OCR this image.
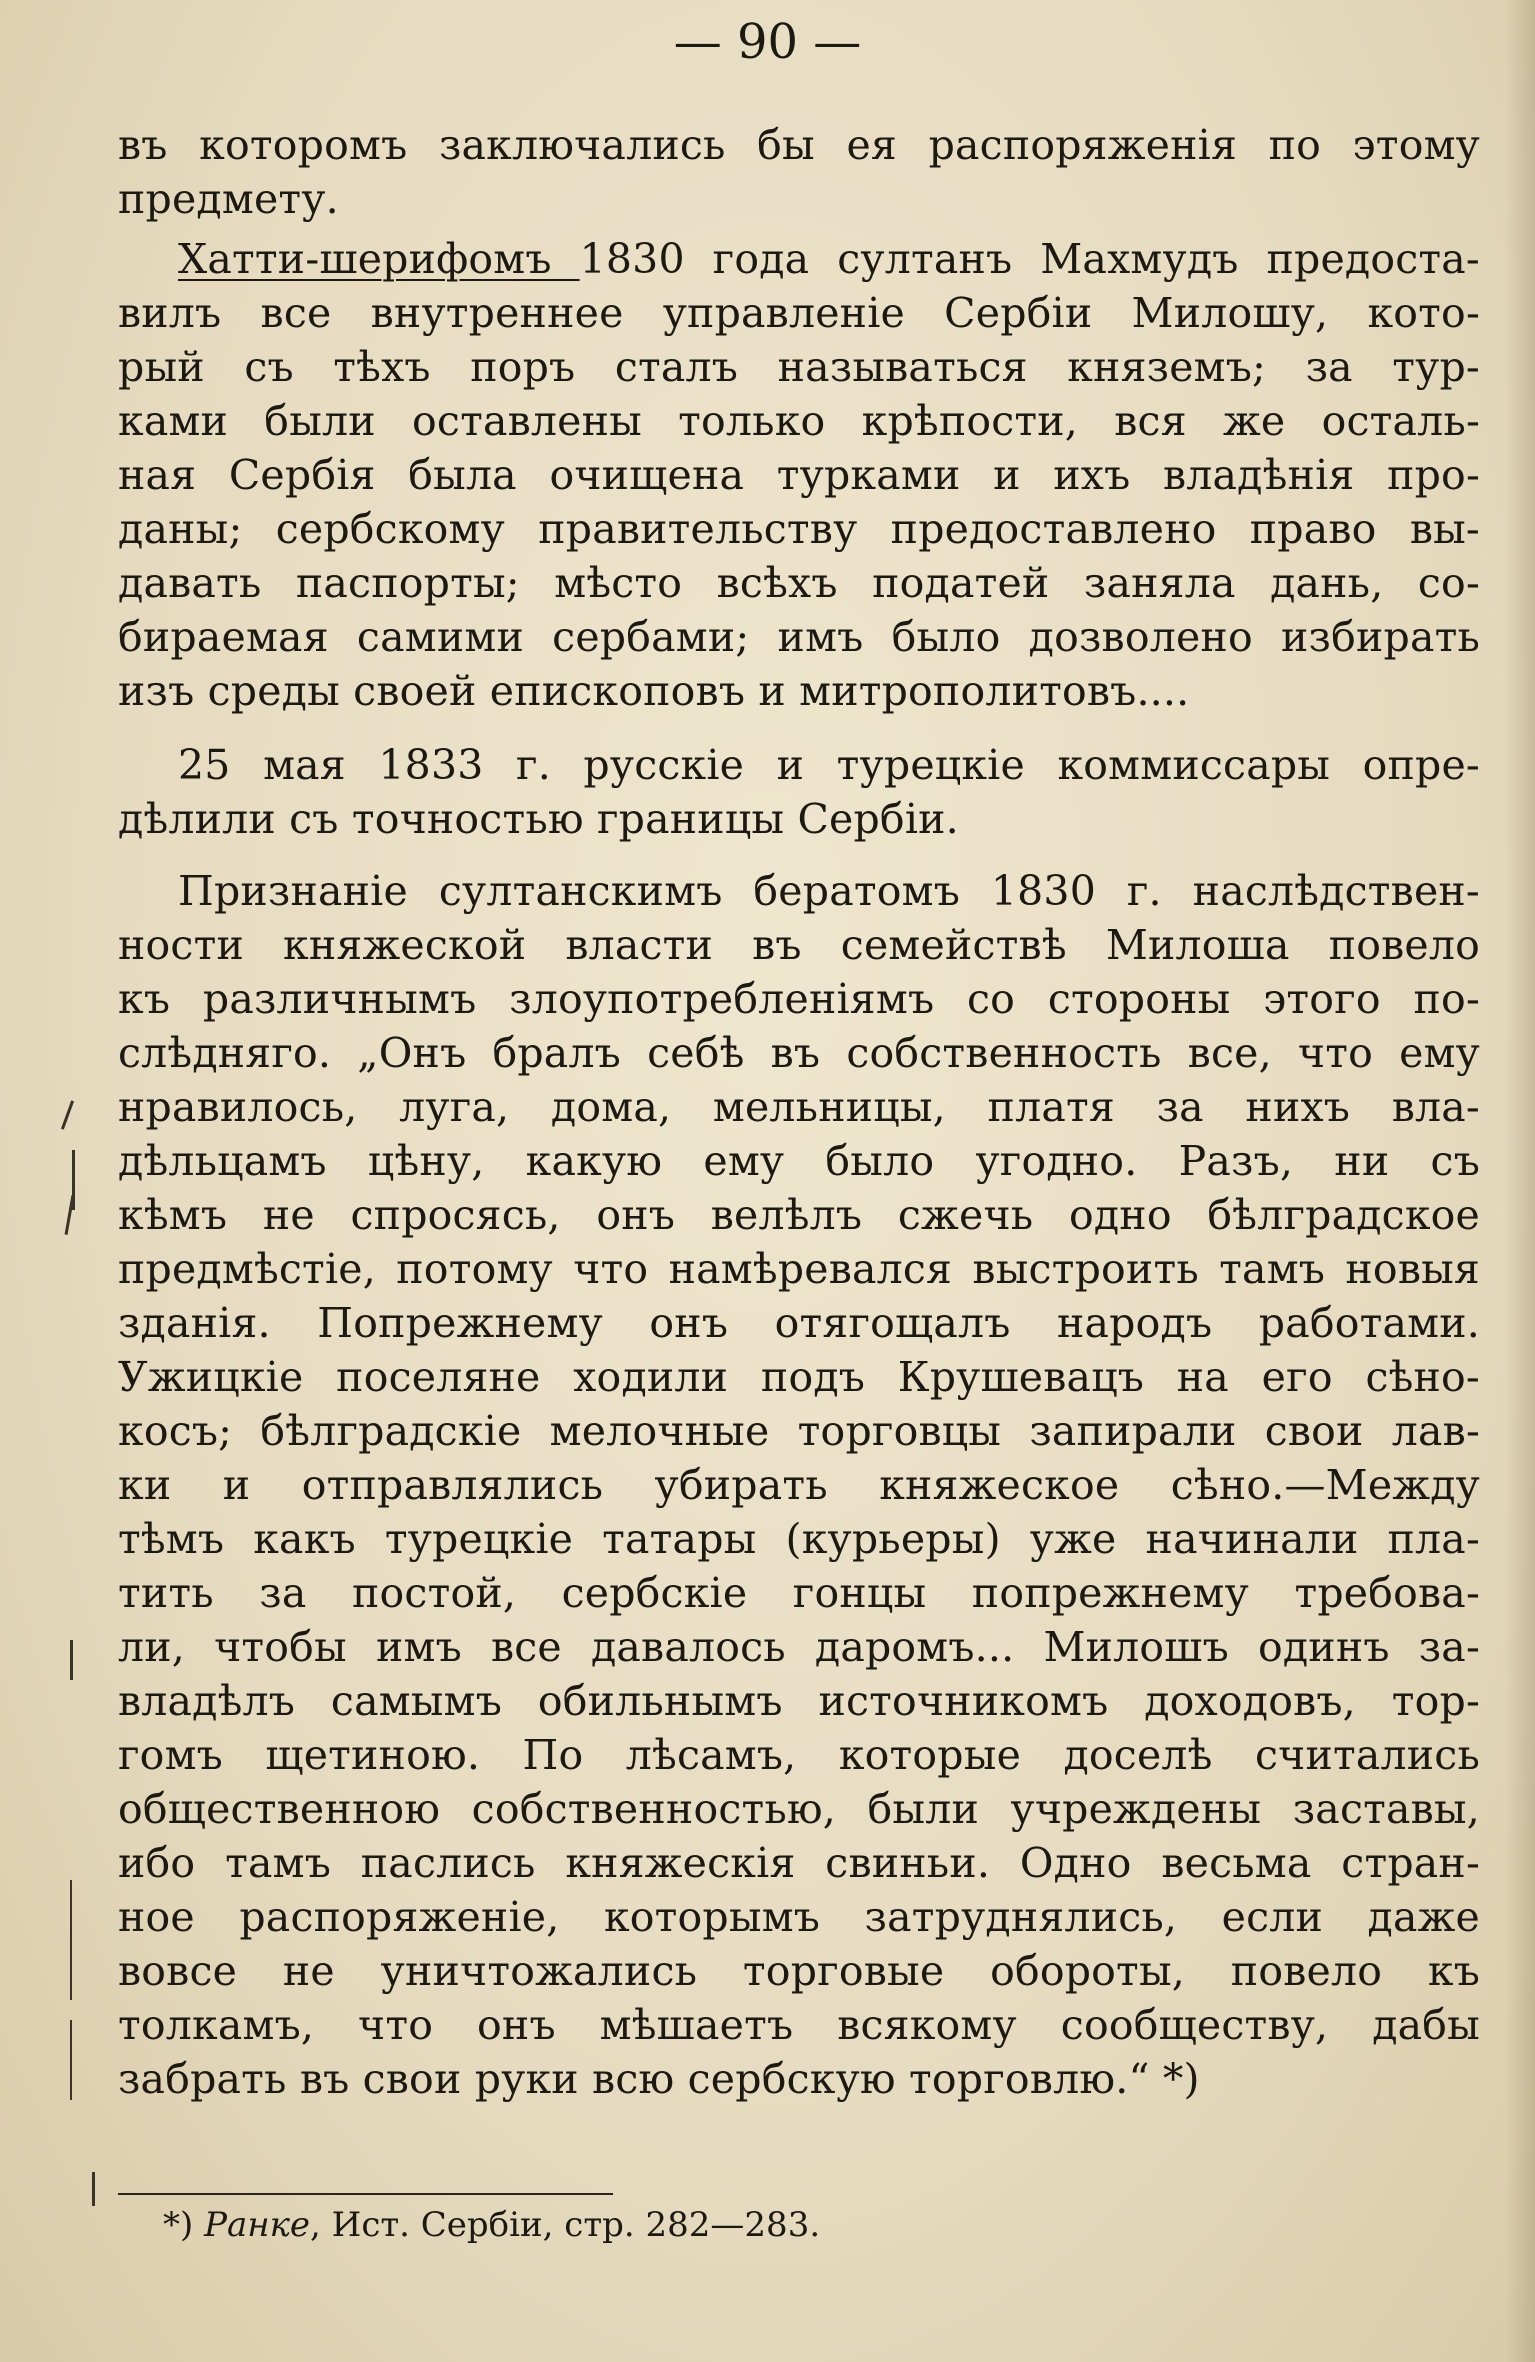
— 90 —
въ которомъ заключались бы ея распоряженія по этому
предмету.
Хатти-шерифомъ 1830 года султанъ Махмудъ предоста-
вилъ все внутреннее управленіе Сербіи Милошу, кото-
рый съ тѣхъ поръ сталъ называться княземъ; за тур-
ками были оставлены только крѣпости, вся же осталь-
ная Сербія была очищена турками и ихъ владѣнія про-
даны; сербскому правительству предоставлено право вы-
давать паспорты; мѣсто всѣхъ податей заняла дань, со-
бираемая самими сербами; имъ было дозволено избирать
изъ среды своей епископовъ и митрополитовъ....
25 мая 1833 г. русскіе и турецкіе коммиссары опре-
дѣлили съ точностью границы Сербіи.
Признаніе султанскимъ бератомъ 1830 г. наслѣдствен-
ности княжеской власти въ семействѣ Милоша повело
къ различнымъ злоупотребленіямъ со стороны этого по-
слѣдняго. „Онъ бралъ себѣ въ собственность все, что ему
нравилось, луга, дома, мельницы, платя за нихъ вла-
дѣльцамъ цѣну, какую ему было угодно. Разъ, ни съ
кѣмъ не спросясь, онъ велѣлъ сжечь одно бѣлградское
предмѣстіе, потому что намѣревался выстроить тамъ новыя
зданія. Попрежнему онъ отягощалъ народъ работами.
Ужицкіе поселяне ходили подъ Крушевацъ на его сѣно-
косъ; бѣлградскіе мелочные торговцы запирали свои лав-
ки и отправлялись убирать княжеское сѣно.—Между
тѣмъ какъ турецкіе татары (курьеры) уже начинали пла-
тить за постой, сербскіе гонцы попрежнему требова-
ли, чтобы имъ все давалось даромъ... Милошъ одинъ за-
владѣлъ самымъ обильнымъ источникомъ доходовъ, тор-
гомъ щетиною. По лѣсамъ, которые доселѣ считались
общественною собственностью, были учреждены заставы,
ибо тамъ паслись княжескія свиньи. Одно весьма стран-
ное распоряженіе, которымъ затруднялись, если даже
вовсе не уничтожались торговые обороты, повело къ
толкамъ, что онъ мѣшаетъ всякому сообществу, дабы
забрать въ свои руки всю сербскую торговлю.“ *)
*) Ранке, Ист. Сербіи, стр. 282—283.
